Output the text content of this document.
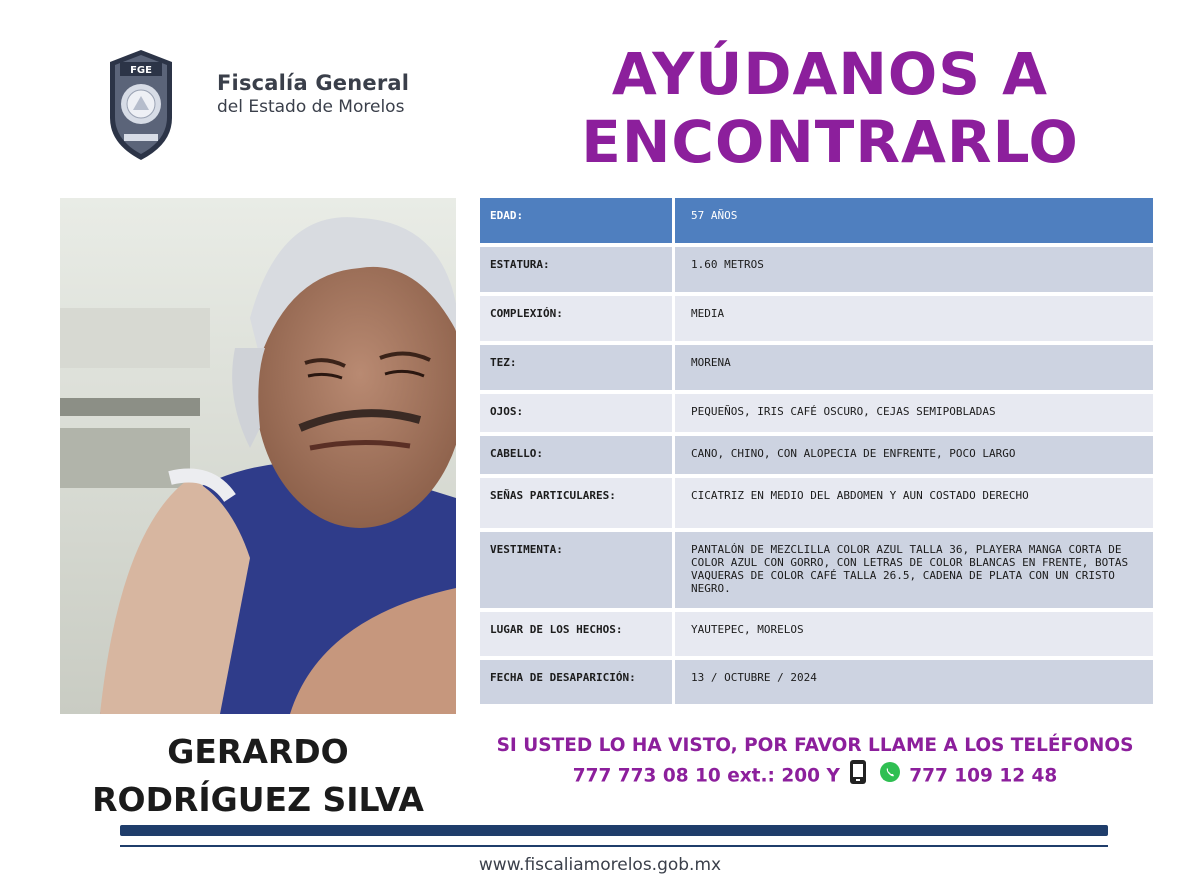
FGE
Fiscalía General
del Estado de Morelos	AYÚDANOS A
ENCONTRARLO
GERARDO
RODRÍGUEZ SILVA
EDAD:	57 AÑOS
ESTATURA:	1.60 METROS
COMPLEXIÓN:	MEDIA
TEZ:	MORENA
OJOS:	PEQUEÑOS, IRIS CAFÉ OSCURO, CEJAS SEMIPOBLADAS
CABELLO:	CANO, CHINO, CON ALOPECIA DE ENFRENTE, POCO LARGO
SEÑAS PARTICULARES:	CICATRIZ EN MEDIO DEL ABDOMEN Y AUN COSTADO DERECHO
VESTIMENTA:	PANTALÓN DE MEZCLILLA COLOR AZUL TALLA 36, PLAYERA MANGA CORTA DE COLOR AZUL CON GORRO, CON LETRAS DE COLOR BLANCAS EN FRENTE, BOTAS VAQUERAS DE COLOR CAFÉ TALLA 26.5, CADENA DE PLATA CON UN CRISTO NEGRO.
LUGAR DE LOS HECHOS:	YAUTEPEC, MORELOS
FECHA DE DESAPARICIÓN:	13 / OCTUBRE / 2024
SI USTED LO HA VISTO, POR FAVOR LLAME A LOS TELÉFONOS
777 773 08 10 ext.: 200 Y	777 109 12 48
www.fiscaliamorelos.gob.mx
